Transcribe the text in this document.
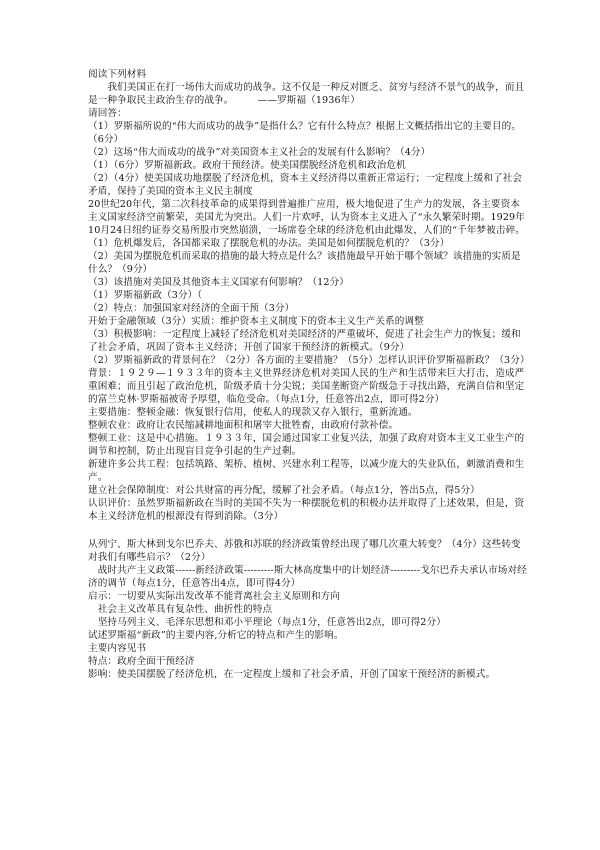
阅读下列材料

　　我们美国正在打一场伟大而成功的战争。这不仅是一种反对匮乏、贫穷与经济不景气的战争，而且是一种争取民主政治生存的战争。　　　——罗斯福（1936年）

请回答：

（1）罗斯福所说的“伟大而成功的战争”是指什么？它有什么特点？根据上文概括指出它的主要目的。（6分）

（2）这场“伟大而成功的战争”对美国资本主义社会的发展有什么影响？（4分）

（1）（6分）罗斯福新政。政府干预经济。使美国摆脱经济危机和政治危机

（2）（4分）使美国成功地摆脱了经济危机，资本主义经济得以重新正常运行；一定程度上缓和了社会矛盾，保持了美国的资本主义民主制度

20世纪20年代，第二次科技革命的成果得到普遍推广应用，极大地促进了生产力的发展，各主要资本主义国家经济空前繁荣，美国尤为突出。人们一片欢呼，认为资本主义进入了“永久繁荣时期。1929年10月24日纽约证券交易所股市突然崩溃，一场席卷全球的经济危机由此爆发，人们的“千年梦被击碎。

（1）危机爆发后，各国都采取了摆脱危机的办法。美国是如何摆脱危机的？（3分）

（2）美国为摆脱危机而采取的措施的最大特点是什么？该措施最早开始于哪个领域？该措施的实质是什么？（9分）

（3）该措施对美国及其他资本主义国家有何影响？（12分）

（1）罗斯福新政（3分）（

（2）特点：加强国家对经济的全面干预（3分）

开始于金融领域（3分）实质：维护资本主义制度下的资本主义生产关系的调整

（3）积极影响：一定程度上减轻了经济危机对美国经济的严重破坏，促进了社会生产力的恢复；缓和了社会矛盾，巩固了资本主义经济；开创了国家干预经济的新模式。（9分）

（2）罗斯福新政的背景何在？（2分）各方面的主要措施？（5分）怎样认识评价罗斯福新政？（3分）

背景：１９２９—１９３３年的资本主义世界经济危机对美国人民的生产和生活带来巨大打击，造成严重困难；而且引起了政治危机，阶级矛盾十分尖锐；美国垄断资产阶级急于寻找出路，充满自信和坚定的富兰克林·罗斯福被寄予厚望，临危受命。（每点1分，任意答出2点，即可得2分）

主要措施：整顿金融：恢复银行信用，使私人的现款又存入银行，重新流通。

整顿农业：政府让农民缩减耕地面积和屠宰大批牲畜，由政府付款补偿。

整顿工业：这是中心措施。１９３３年，国会通过国家工业复兴法，加强了政府对资本主义工业生产的调节和控制，防止出现盲目竞争引起的生产过剩。

新建许多公共工程：包括筑路、架桥、植树、兴建水利工程等，以减少庞大的失业队伍，刺激消费和生产。

建立社会保障制度：对公共财富的再分配，缓解了社会矛盾。（每点1分，答出5点，得5分）

认识评价：虽然罗斯福新政在当时的美国不失为一种摆脱危机的积极办法并取得了上述效果，但是，资本主义经济危机的根源没有得到消除。（3分）

从列宁、斯大林到戈尔巴乔夫、苏俄和苏联的经济政策曾经出现了哪几次重大转变？（4分）这些转变对我们有哪些启示？（2分）

　战时共产主义政策------新经济政策---------斯大林高度集中的计划经济---------戈尔巴乔夫承认市场对经济的调节（每点1分，任意答出4点，即可得4分）

启示：一切要从实际出发改革不能背离社会主义原则和方向

　社会主义改革具有复杂性、曲折性的特点

　坚持马列主义、毛泽东思想和邓小平理论（每点1分，任意答出2点，即可得2分）

试述罗斯福“新政”的主要内容,分析它的特点和产生的影响。

主要内容见书

特点：政府全面干预经济

影响：使美国摆脱了经济危机，在一定程度上缓和了社会矛盾，开创了国家干预经济的新模式。
